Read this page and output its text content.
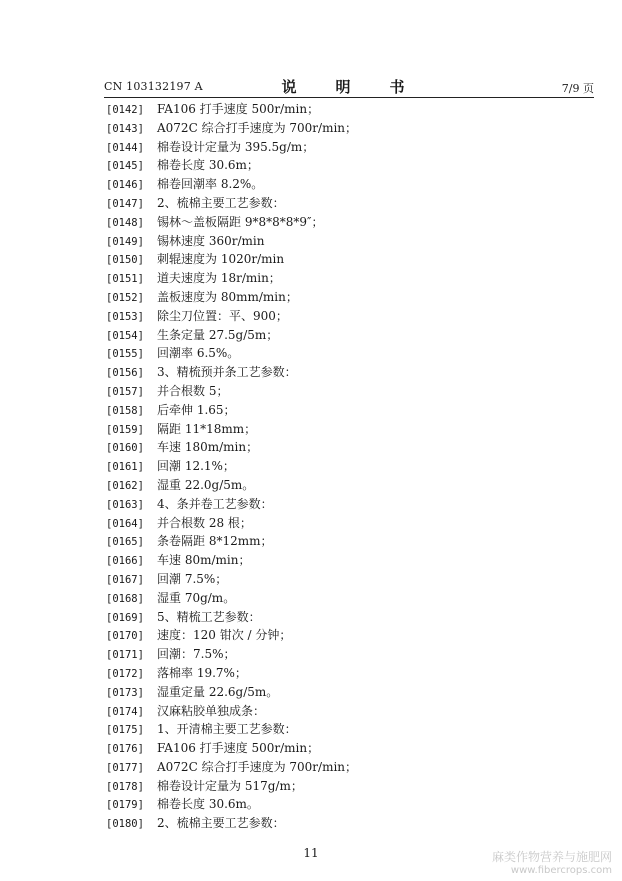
CN 103132197 A	说　明　书	7/9 页
[0142] FA106 打手速度 500r/min；
[0143] A072C 综合打手速度为 700r/min；
[0144] 棉卷设计定量为 395.5g/m；
[0145] 棉卷长度 30.6m；
[0146] 棉卷回潮率 8.2%。
[0147] 2、梳棉主要工艺参数：
[0148] 锡林～盖板隔距 9*8*8*8*9″；
[0149] 锡林速度 360r/min
[0150] 刺辊速度为 1020r/min
[0151] 道夫速度为 18r/min；
[0152] 盖板速度为 80mm/min；
[0153] 除尘刀位置：平、900；
[0154] 生条定量 27.5g/5m；
[0155] 回潮率 6.5%。
[0156] 3、精梳预并条工艺参数：
[0157] 并合根数 5；
[0158] 后牵伸 1.65；
[0159] 隔距 11*18mm；
[0160] 车速 180m/min；
[0161] 回潮 12.1%；
[0162] 湿重 22.0g/5m。
[0163] 4、条并卷工艺参数：
[0164] 并合根数 28 根；
[0165] 条卷隔距 8*12mm；
[0166] 车速 80m/min；
[0167] 回潮 7.5%；
[0168] 湿重 70g/m。
[0169] 5、精梳工艺参数：
[0170] 速度：120 钳次 / 分钟；
[0171] 回潮：7.5%；
[0172] 落棉率 19.7%；
[0173] 湿重定量 22.6g/5m。
[0174] 汉麻粘胶单独成条：
[0175] 1、开清棉主要工艺参数：
[0176] FA106 打手速度 500r/min；
[0177] A072C 综合打手速度为 700r/min；
[0178] 棉卷设计定量为 517g/m；
[0179] 棉卷长度 30.6m。
[0180] 2、梳棉主要工艺参数：
11	麻类作物营养与施肥网
www.fibercrops.com
